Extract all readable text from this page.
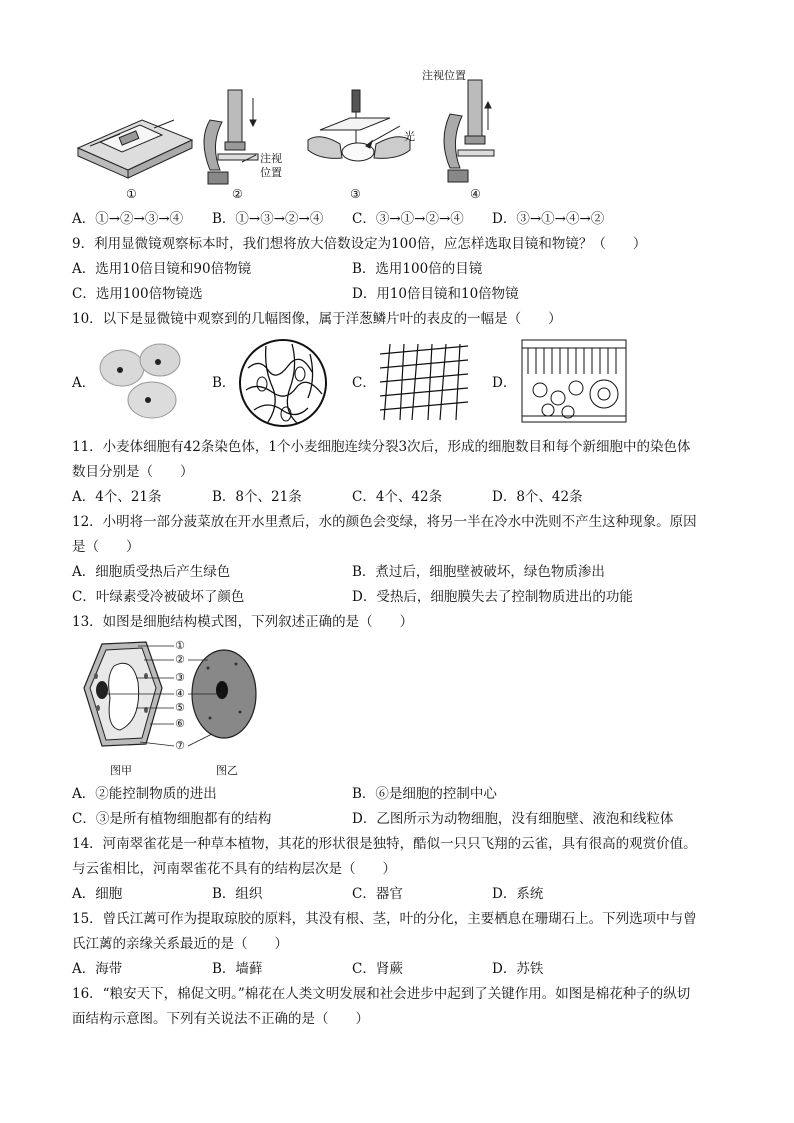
注视位置
注视
位置
光
①	②	③	④
A．①→②→③→④ B．①→③→②→④ C．③→①→②→④ D．③→①→④→②
9．利用显微镜观察标本时，我们想将放大倍数设定为100倍，应怎样选取目镜和物镜？（　　）
A．选用10倍目镜和90倍物镜	B．选用100倍的目镜
C．选用100倍物镜选	D．用10倍目镜和10倍物镜
10．以下是显微镜中观察到的几幅图像，属于洋葱鳞片叶的表皮的一幅是（　　）
A．	B．	C．	D．
11．小麦体细胞有42条染色体，1个小麦细胞连续分裂3次后，形成的细胞数目和每个新细胞中的染色体
数目分别是（　　）
A．4个、21条	B．8个、21条	C．4个、42条	D．8个、42条
12．小明将一部分菠菜放在开水里煮后，水的颜色会变绿，将另一半在冷水中洗则不产生这种现象。原因
是（　　）
A．细胞质受热后产生绿色	B．煮过后，细胞壁被破坏，绿色物质渗出
C．叶绿素受冷被破坏了颜色	D．受热后，细胞膜失去了控制物质进出的功能
13．如图是细胞结构模式图，下列叙述正确的是（　　）
①
②
③
④
⑤
⑥
⑦
图甲	图乙
A．②能控制物质的进出	B．⑥是细胞的控制中心
C．③是所有植物细胞都有的结构	D．乙图所示为动物细胞，没有细胞壁、液泡和线粒体
14．河南翠雀花是一种草本植物，其花的形状很是独特，酷似一只只飞翔的云雀，具有很高的观赏价值。
与云雀相比，河南翠雀花不具有的结构层次是（　　）
A．细胞	B．组织	C．器官	D．系统
15．曾氏江蓠可作为提取琼胶的原料，其没有根、茎，叶的分化，主要栖息在珊瑚石上。下列选项中与曾
氏江蓠的亲缘关系最近的是（　　）
A．海带	B．墙藓	C．肾蕨	D．苏铁
16．“粮安天下，棉促文明。”棉花在人类文明发展和社会进步中起到了关键作用。如图是棉花种子的纵切
面结构示意图。下列有关说法不正确的是（　　）
